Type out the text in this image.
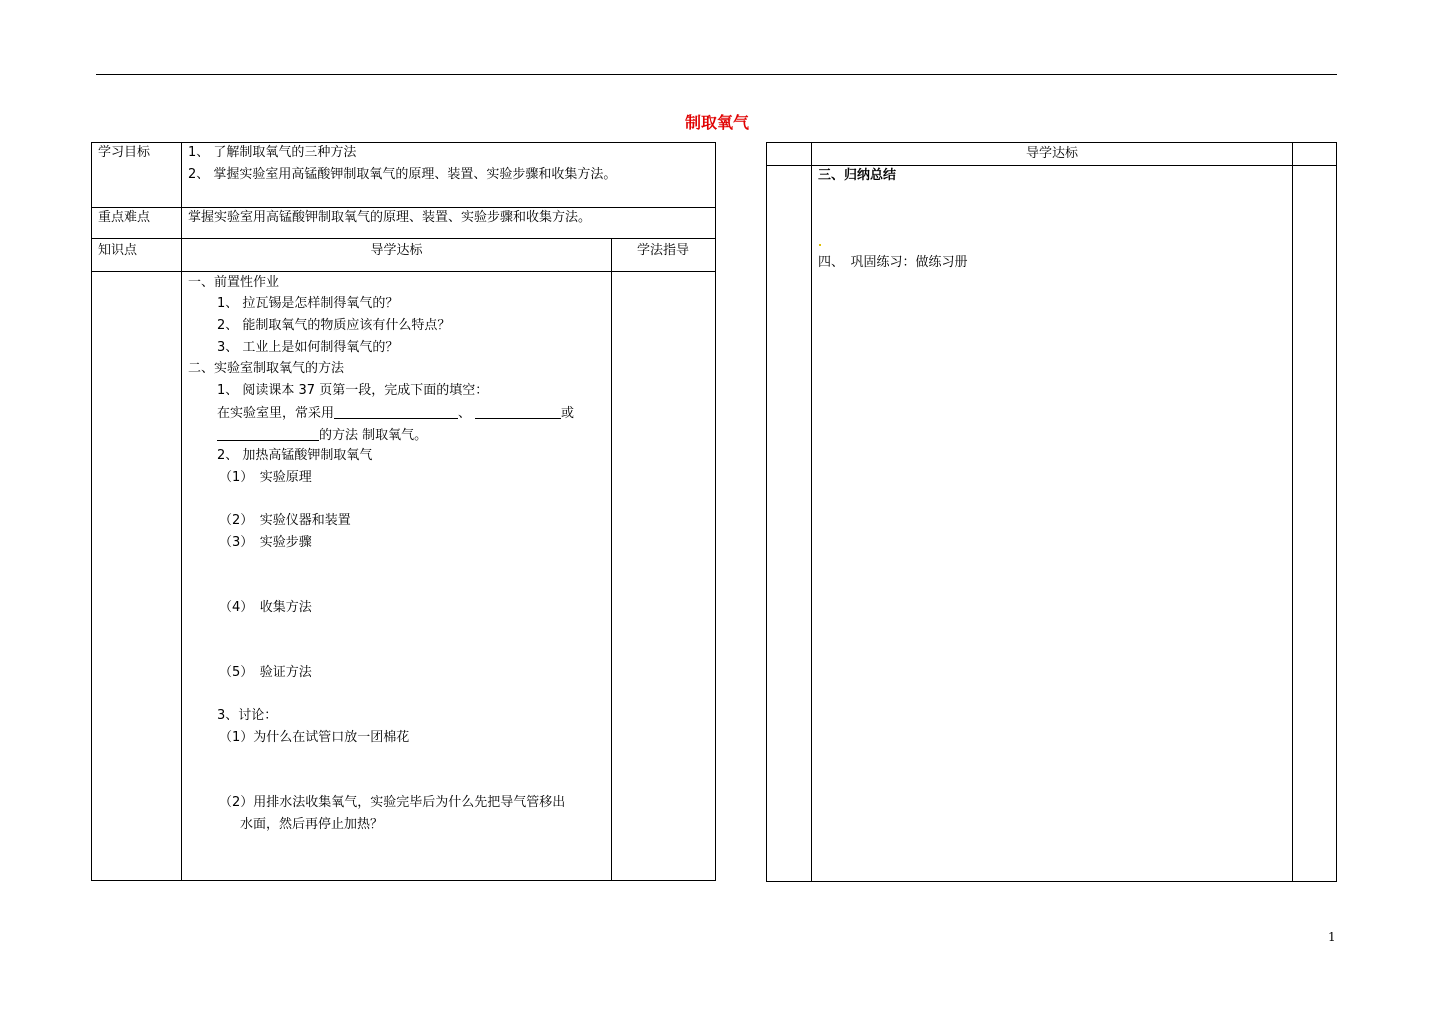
制取氧气
学习目标	1、 了解制取氧气的三种方法
2、 掌握实验室用高锰酸钾制取氧气的原理、装置、实验步骤和收集方法。
重点难点	掌握实验室用高锰酸钾制取氧气的原理、装置、实验步骤和收集方法。
知识点	导学达标	学法指导
一、前置性作业
1、 拉瓦锡是怎样制得氧气的？
2、 能制取氧气的物质应该有什么特点？
3、 工业上是如何制得氧气的？
二、实验室制取氧气的方法
1、 阅读课本 37 页第一段，完成下面的填空：
在实验室里，常采用	、	或
的方法 制取氧气。
2、 加热高锰酸钾制取氧气
（1）　实验原理
（2）　实验仪器和装置
（3）　实验步骤
（4）　收集方法
（5）　验证方法
3、讨论：
（1）为什么在试管口放一团棉花
（2）用排水法收集氧气，实验完毕后为什么先把导气管移出
水面，然后再停止加热？
导学达标
三、归纳总结
四、　巩固练习：做练习册
1
